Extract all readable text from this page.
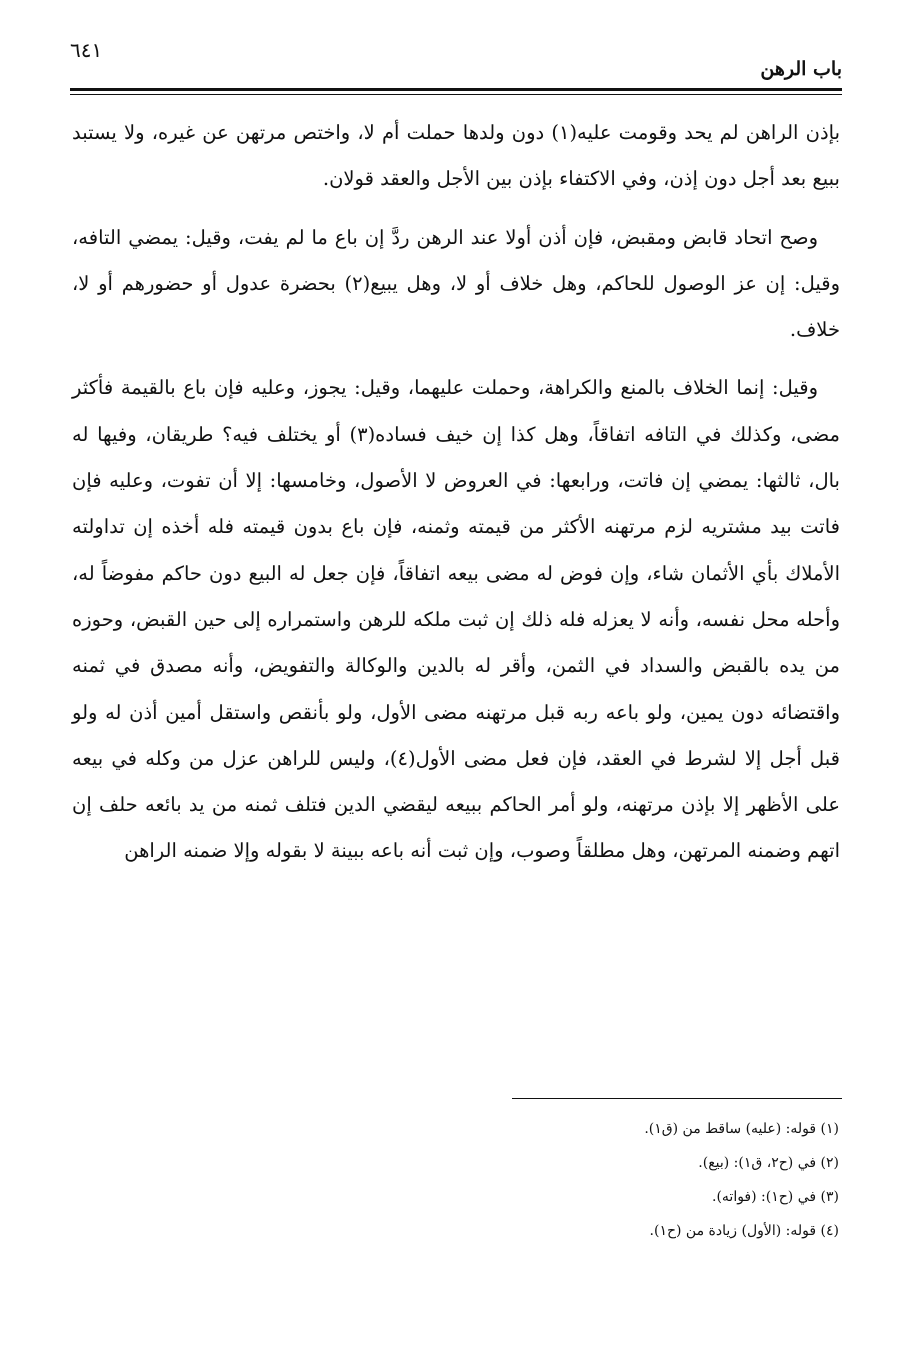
٦٤١
باب الرهن

بإذن الراهن لم يحد وقومت عليه(١) دون ولدها حملت أم لا، واختص مرتهن عن غيره، ولا يستبد ببيع بعد أجل دون إذن، وفي الاكتفاء بإذن بين الأجل والعقد قولان.

وصح اتحاد قابض ومقبض، فإن أذن أولا عند الرهن ردَّ إن باع ما لم يفت، وقيل: يمضي التافه، وقيل: إن عز الوصول للحاكم، وهل خلاف أو لا، وهل يبيع(٢) بحضرة عدول أو حضورهم أو لا، خلاف.

وقيل: إنما الخلاف بالمنع والكراهة، وحملت عليهما، وقيل: يجوز، وعليه فإن باع بالقيمة فأكثر مضى، وكذلك في التافه اتفاقاً، وهل كذا إن خيف فساده(٣) أو يختلف فيه؟ طريقان، وفيها له بال، ثالثها: يمضي إن فاتت، ورابعها: في العروض لا الأصول، وخامسها: إلا أن تفوت، وعليه فإن فاتت بيد مشتريه لزم مرتهنه الأكثر من قيمته وثمنه، فإن باع بدون قيمته فله أخذه إن تداولته الأملاك بأي الأثمان شاء، وإن فوض له مضى بيعه اتفاقاً، فإن جعل له البيع دون حاكم مفوضاً له، وأحله محل نفسه، وأنه لا يعزله فله ذلك إن ثبت ملكه للرهن واستمراره إلى حين القبض، وحوزه من يده بالقبض والسداد في الثمن، وأقر له بالدين والوكالة والتفويض، وأنه مصدق في ثمنه واقتضائه دون يمين، ولو باعه ربه قبل مرتهنه مضى الأول، ولو بأنقص واستقل أمين أذن له ولو قبل أجل إلا لشرط في العقد، فإن فعل مضى الأول(٤)، وليس للراهن عزل من وكله في بيعه على الأظهر إلا بإذن مرتهنه، ولو أمر الحاكم ببيعه ليقضي الدين فتلف ثمنه من يد بائعه حلف إن اتهم وضمنه المرتهن، وهل مطلقاً وصوب، وإن ثبت أنه باعه ببينة لا بقوله وإلا ضمنه الراهن

(١) قوله: (عليه) ساقط من (ق١).
(٢) في (ح٢، ق١): (بيع).
(٣) في (ح١): (فواته).
(٤) قوله: (الأول) زيادة من (ح١).
